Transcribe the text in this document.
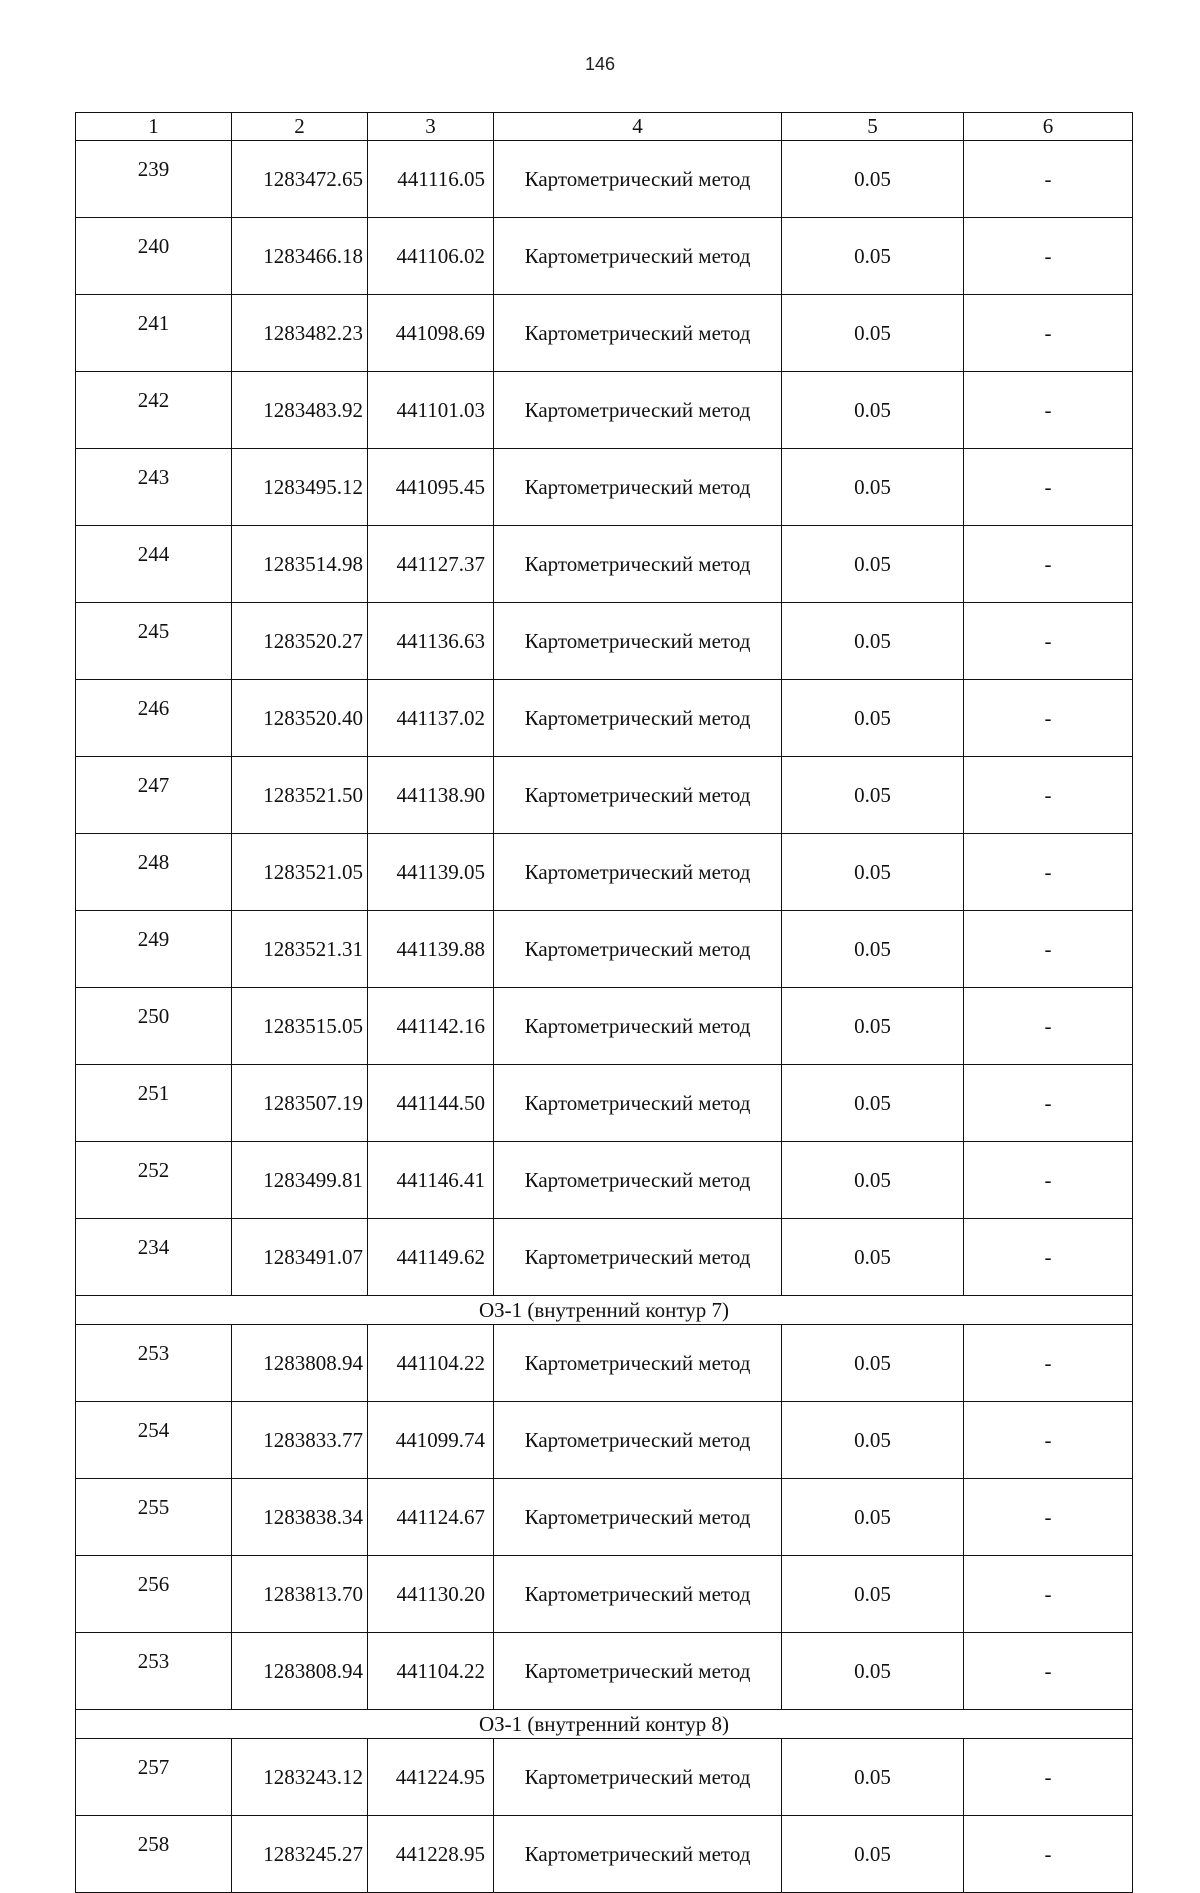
146
1	2	3	4	5	6
239	1283472.65	441116.05	Картометрический метод	0.05	-
240	1283466.18	441106.02	Картометрический метод	0.05	-
241	1283482.23	441098.69	Картометрический метод	0.05	-
242	1283483.92	441101.03	Картометрический метод	0.05	-
243	1283495.12	441095.45	Картометрический метод	0.05	-
244	1283514.98	441127.37	Картометрический метод	0.05	-
245	1283520.27	441136.63	Картометрический метод	0.05	-
246	1283520.40	441137.02	Картометрический метод	0.05	-
247	1283521.50	441138.90	Картометрический метод	0.05	-
248	1283521.05	441139.05	Картометрический метод	0.05	-
249	1283521.31	441139.88	Картометрический метод	0.05	-
250	1283515.05	441142.16	Картометрический метод	0.05	-
251	1283507.19	441144.50	Картометрический метод	0.05	-
252	1283499.81	441146.41	Картометрический метод	0.05	-
234	1283491.07	441149.62	Картометрический метод	0.05	-
ОЗ-1 (внутренний контур 7)					
253	1283808.94	441104.22	Картометрический метод	0.05	-
254	1283833.77	441099.74	Картометрический метод	0.05	-
255	1283838.34	441124.67	Картометрический метод	0.05	-
256	1283813.70	441130.20	Картометрический метод	0.05	-
253	1283808.94	441104.22	Картометрический метод	0.05	-
ОЗ-1 (внутренний контур 8)					
257	1283243.12	441224.95	Картометрический метод	0.05	-
258	1283245.27	441228.95	Картометрический метод	0.05	-
